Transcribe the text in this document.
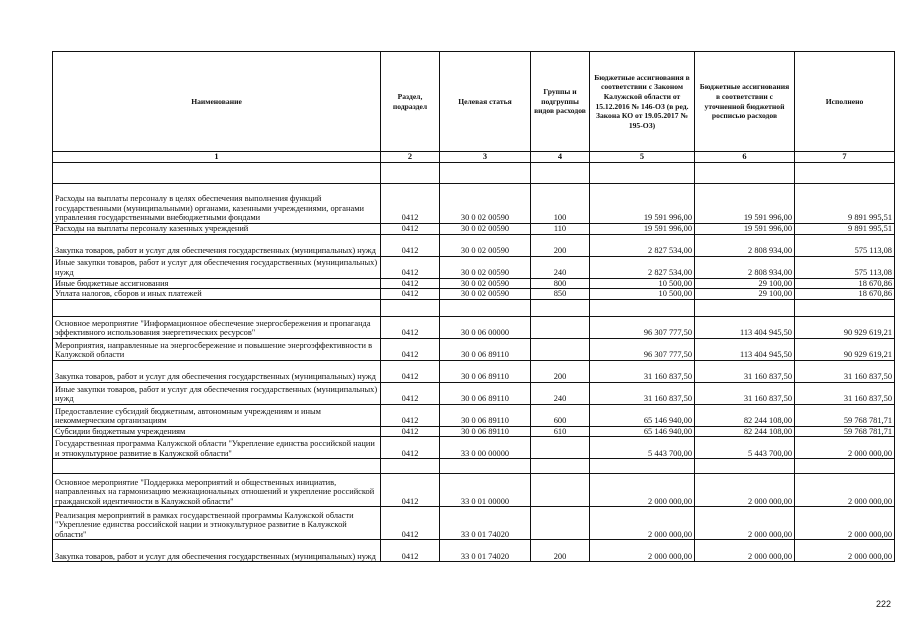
Наименование	Раздел, подраздел	Целевая статья	Группы и подгруппы видов расходов	Бюджетные ассигнования в соответствии с Законом Калужской области от 15.12.2016 № 146-ОЗ (в ред. Закона КО от 19.05.2017 № 195-ОЗ)	Бюджетные ассигнования в соответствии с уточненной бюджетной росписью расходов	Исполнено
1	2	3	4	5	6	7

Расходы на выплаты персоналу в целях обеспечения выполнения функций государственными (муниципальными) органами, казенными учреждениями, органами управления государственными внебюджетными фондами	0412	30 0 02 00590	100	19 591 996,00	19 591 996,00	9 891 995,51
Расходы на выплаты персоналу казенных учреждений	0412	30 0 02 00590	110	19 591 996,00	19 591 996,00	9 891 995,51
Закупка товаров, работ и услуг для обеспечения государственных (муниципальных) нужд	0412	30 0 02 00590	200	2 827 534,00	2 808 934,00	575 113,08
Иные закупки товаров, работ и услуг для обеспечения государственных (муниципальных) нужд	0412	30 0 02 00590	240	2 827 534,00	2 808 934,00	575 113,08
Иные бюджетные ассигнования	0412	30 0 02 00590	800	10 500,00	29 100,00	18 670,86
Уплата налогов, сборов и иных платежей	0412	30 0 02 00590	850	10 500,00	29 100,00	18 670,86

Основное мероприятие "Информационное обеспечение энергосбережения и пропаганда эффективного использования энергетических ресурсов"	0412	30 0 06 00000		96 307 777,50	113 404 945,50	90 929 619,21
Мероприятия, направленные на энергосбережение и повышение энергоэффективности в Калужской области	0412	30 0 06 89110		96 307 777,50	113 404 945,50	90 929 619,21
Закупка товаров, работ и услуг для обеспечения государственных (муниципальных) нужд	0412	30 0 06 89110	200	31 160 837,50	31 160 837,50	31 160 837,50
Иные закупки товаров, работ и услуг для обеспечения государственных (муниципальных) нужд	0412	30 0 06 89110	240	31 160 837,50	31 160 837,50	31 160 837,50
Предоставление субсидий бюджетным, автономным учреждениям и иным некоммерческим организациям	0412	30 0 06 89110	600	65 146 940,00	82 244 108,00	59 768 781,71
Субсидии бюджетным учреждениям	0412	30 0 06 89110	610	65 146 940,00	82 244 108,00	59 768 781,71
Государственная программа Калужской области "Укрепление единства российской нации и этнокультурное развитие в Калужской области"	0412	33 0 00 00000		5 443 700,00	5 443 700,00	2 000 000,00

Основное мероприятие "Поддержка мероприятий и общественных инициатив, направленных на гармонизацию межнациональных отношений и укрепление российской гражданской идентичности в Калужской области"	0412	33 0 01 00000		2 000 000,00	2 000 000,00	2 000 000,00
Реализация мероприятий в рамках государственной программы Калужской области "Укрепление единства российской нации и этнокультурное развитие в Калужской области"	0412	33 0 01 74020		2 000 000,00	2 000 000,00	2 000 000,00
Закупка товаров, работ и услуг для обеспечения государственных (муниципальных) нужд	0412	33 0 01 74020	200	2 000 000,00	2 000 000,00	2 000 000,00
222
